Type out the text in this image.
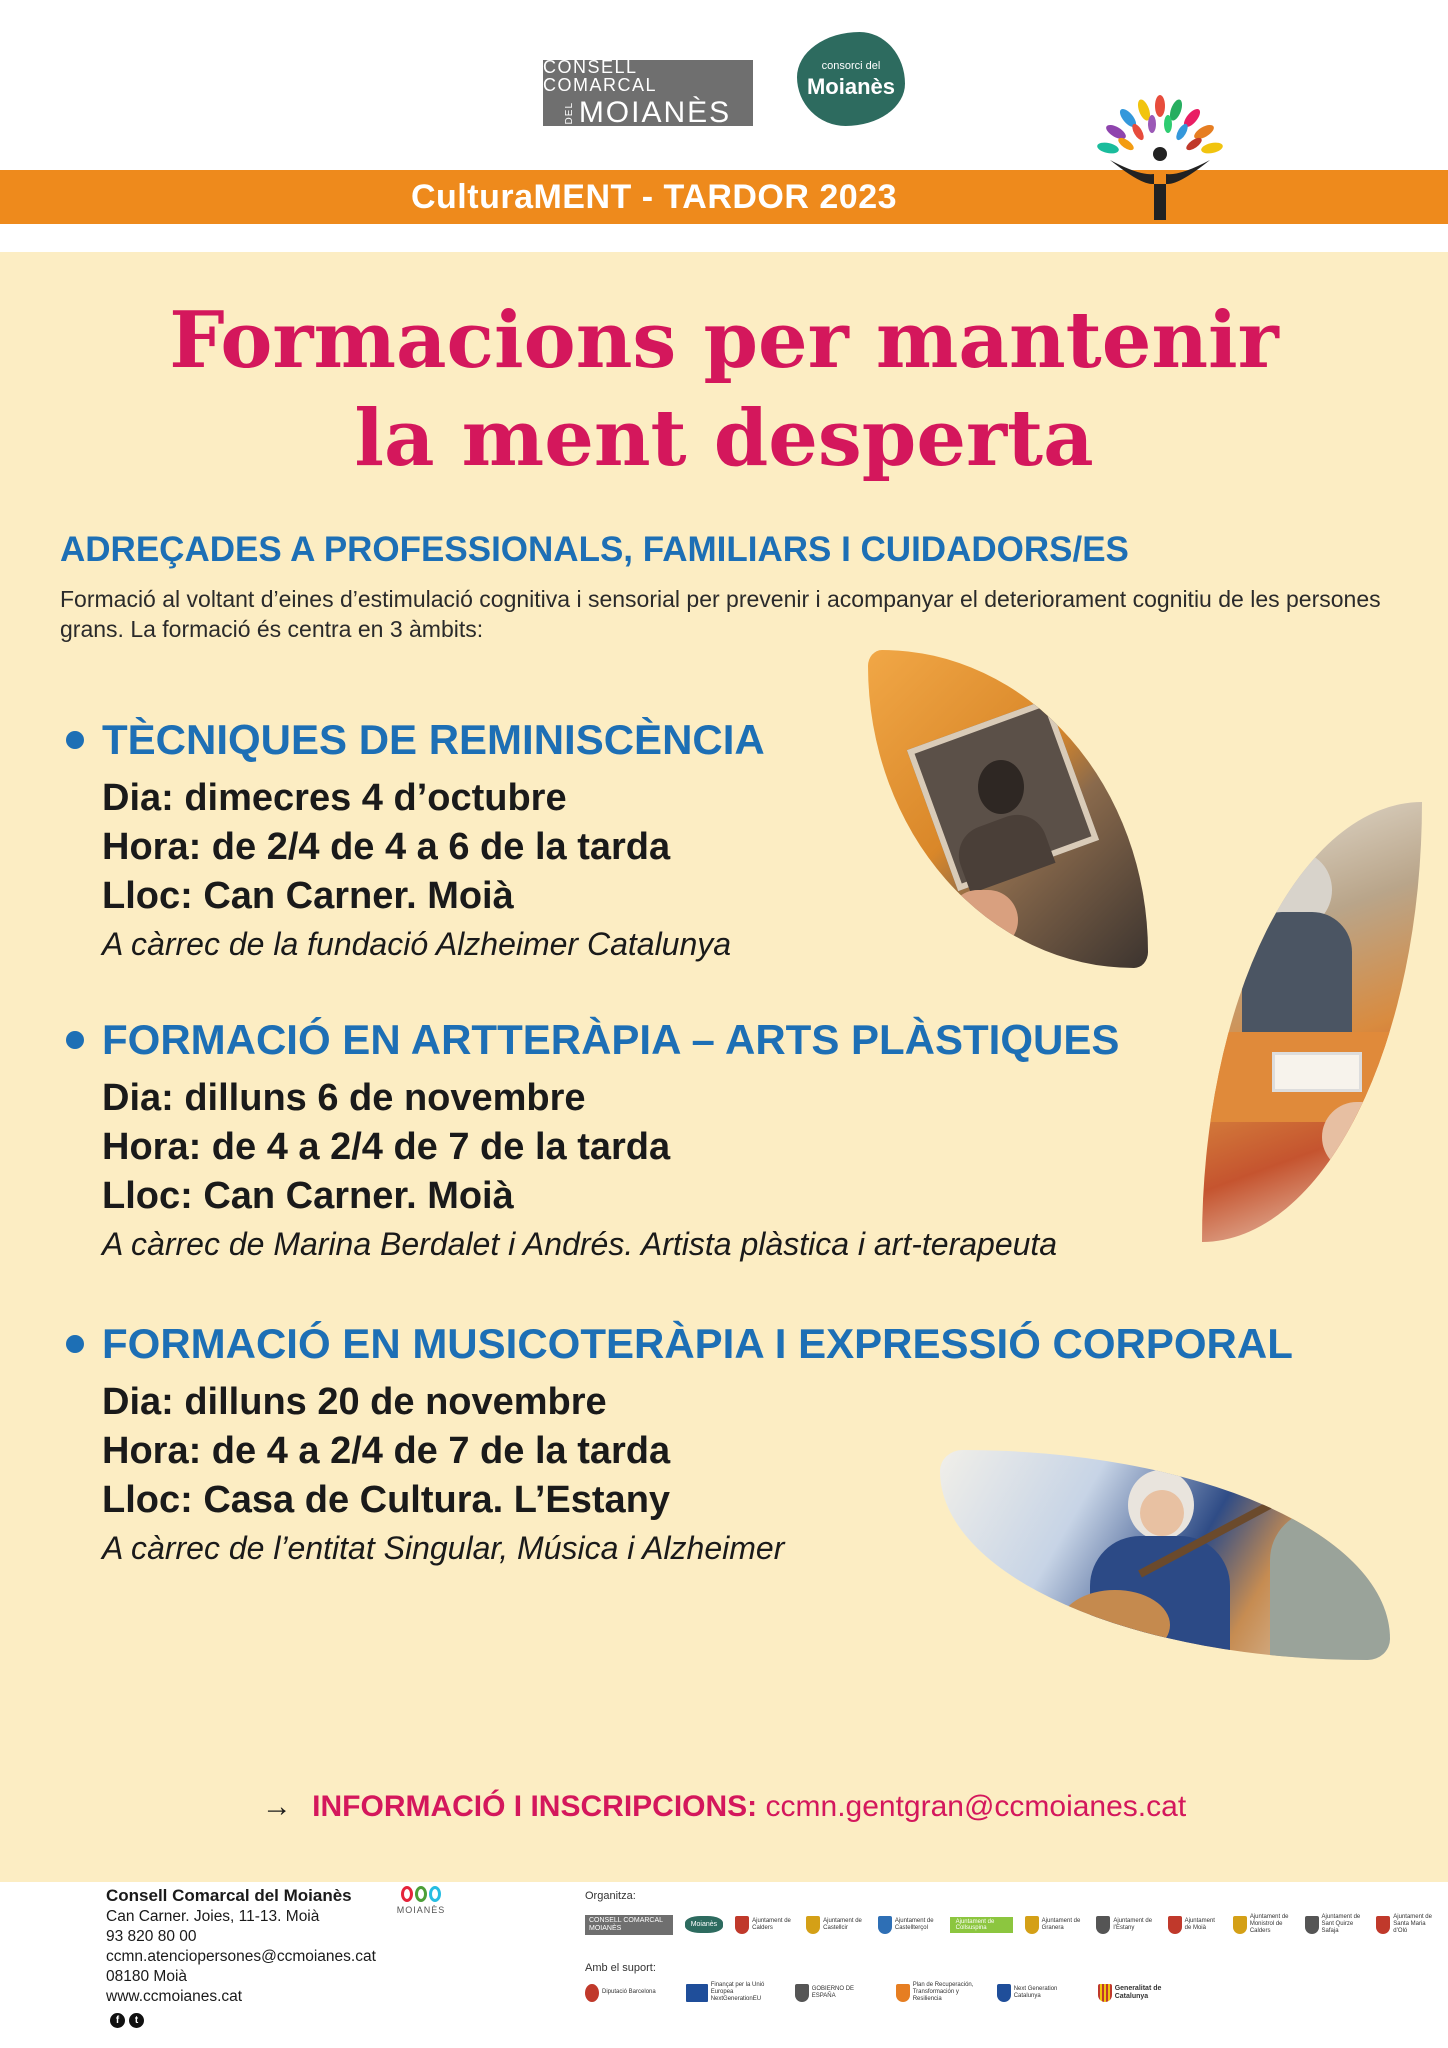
CONSELL COMARCAL
DEL MOIANÈS
consorci del
Moianès
CulturaMENT - TARDOR 2023
Formacions per mantenir
la ment desperta
ADREÇADES A PROFESSIONALS, FAMILIARS I CUIDADORS/ES
Formació al voltant d’eines d’estimulació cognitiva i sensorial per prevenir i acompanyar el deteriorament cognitiu de les persones grans. La formació és centra en 3 àmbits:
TÈCNIQUES DE REMINISCÈNCIA
Dia: dimecres 4 d’octubre
Hora: de 2/4 de 4 a 6 de la tarda
Lloc: Can Carner. Moià
A càrrec de la fundació Alzheimer Catalunya
FORMACIÓ EN ARTTERÀPIA – ARTS PLÀSTIQUES
Dia: dilluns 6 de novembre
Hora: de 4 a 2/4 de 7 de la tarda
Lloc: Can Carner. Moià
A càrrec de Marina Berdalet i Andrés. Artista plàstica i art-terapeuta
FORMACIÓ EN MUSICOTERÀPIA I EXPRESSIÓ CORPORAL
Dia: dilluns 20 de novembre
Hora: de 4 a 2/4 de 7 de la tarda
Lloc: Casa de Cultura. L’Estany
A càrrec de l’entitat Singular, Música i Alzheimer
→ INFORMACIÓ I INSCRIPCIONS: ccmn.gentgran@ccmoianes.cat
Consell Comarcal del Moianès
Can Carner. Joies, 11-13. Moià
93 820 80 00
ccmn.atenciopersones@ccmoianes.cat
08180 Moià
www.ccmoianes.cat
f	t
MOIANÈS
Organitza:
CONSELL COMARCAL MOIANÈS	Moianès
Ajuntament de Calders
Ajuntament de Castellcir
Ajuntament de Castellterçol
Ajuntament de Collsuspina
Ajuntament de Granera
Ajuntament de l’Estany
Ajuntament de Moià
Ajuntament de Monistrol de Calders
Ajuntament de Sant Quirze Safaja
Ajuntament de Santa Maria d’Oló
Amb el suport:
Diputació Barcelona
Finançat per la Unió Europea NextGenerationEU
GOBIERNO DE ESPAÑA
Plan de Recuperación, Transformación y Resiliencia
Next Generation Catalunya
Generalitat de Catalunya
